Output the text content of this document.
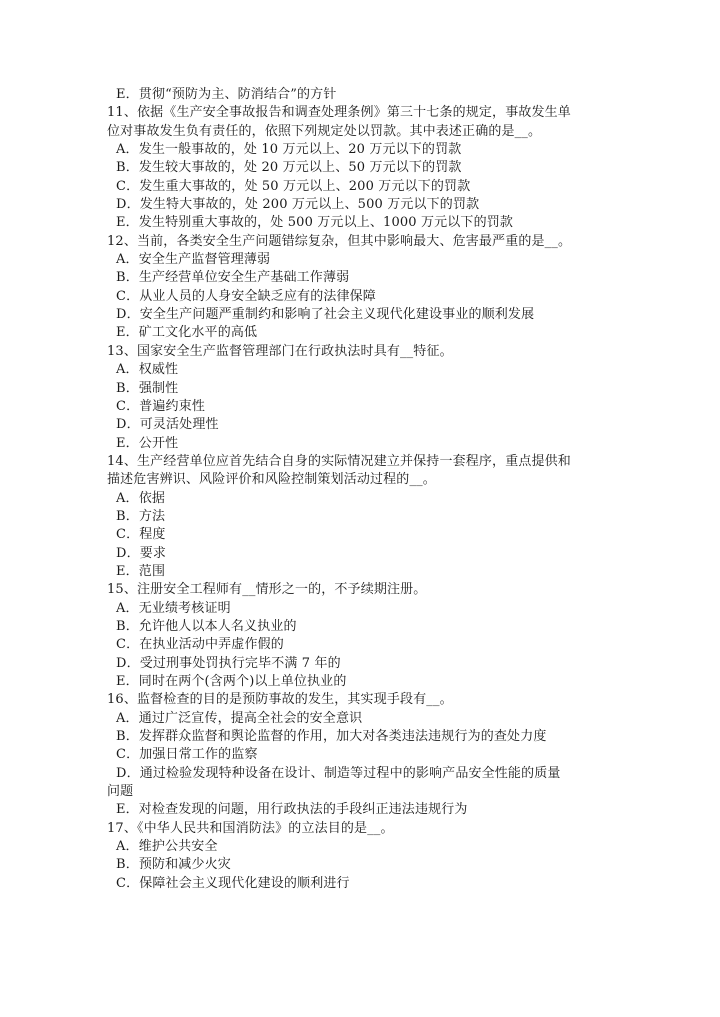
E．贯彻“预防为主、防消结合”的方针
11、依据《生产安全事故报告和调查处理条例》第三十七条的规定，事故发生单
位对事故发生负有责任的，依照下列规定处以罚款。其中表述正确的是__。
A．发生一般事故的，处 10 万元以上、20 万元以下的罚款
B．发生较大事故的，处 20 万元以上、50 万元以下的罚款
C．发生重大事故的，处 50 万元以上、200 万元以下的罚款
D．发生特大事故的，处 200 万元以上、500 万元以下的罚款
E．发生特别重大事故的，处 500 万元以上、1000 万元以下的罚款
12、当前，各类安全生产问题错综复杂，但其中影响最大、危害最严重的是__。
A．安全生产监督管理薄弱
B．生产经营单位安全生产基础工作薄弱
C．从业人员的人身安全缺乏应有的法律保障
D．安全生产问题严重制约和影响了社会主义现代化建设事业的顺利发展
E．矿工文化水平的高低
13、国家安全生产监督管理部门在行政执法时具有__特征。
A．权威性
B．强制性
C．普遍约束性
D．可灵活处理性
E．公开性
14、生产经营单位应首先结合自身的实际情况建立并保持一套程序，重点提供和
描述危害辨识、风险评价和风险控制策划活动过程的__。
A．依据
B．方法
C．程度
D．要求
E．范围
15、注册安全工程师有__情形之一的，不予续期注册。
A．无业绩考核证明
B．允许他人以本人名义执业的
C．在执业活动中弄虚作假的
D．受过刑事处罚执行完毕不满 7 年的
E．同时在两个(含两个)以上单位执业的
16、监督检查的目的是预防事故的发生，其实现手段有__。
A．通过广泛宣传，提高全社会的安全意识
B．发挥群众监督和舆论监督的作用，加大对各类违法违规行为的查处力度
C．加强日常工作的监察
D．通过检验发现特种设备在设计、制造等过程中的影响产品安全性能的质量
问题
E．对检查发现的问题，用行政执法的手段纠正违法违规行为
17、《中华人民共和国消防法》的立法目的是__。
A．维护公共安全
B．预防和减少火灾
C．保障社会主义现代化建设的顺利进行
